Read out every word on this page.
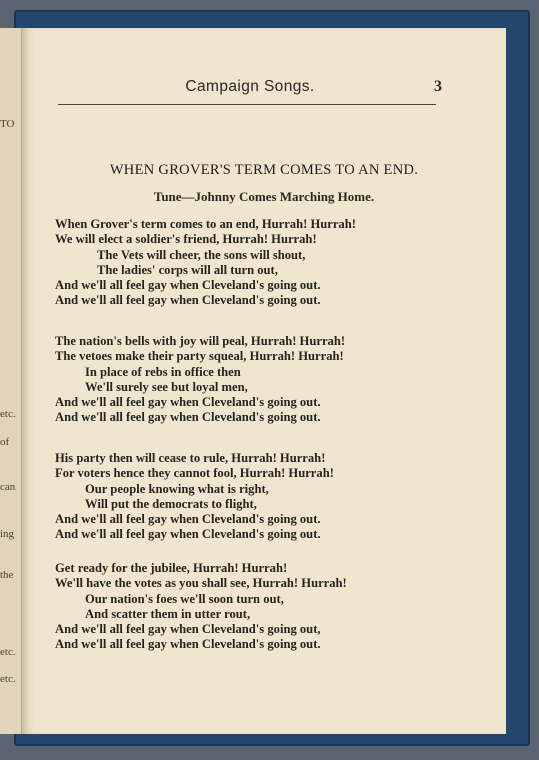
TO
etc.
of
can
ing
the
etc.
etc.
Campaign Songs.	3
WHEN GROVER'S TERM COMES TO AN END.
Tune—Johnny Comes Marching Home.
When Grover's term comes to an end, Hurrah! Hurrah!
We will elect a soldier's friend, Hurrah! Hurrah!
The Vets will cheer, the sons will shout,
The ladies' corps will all turn out,
And we'll all feel gay when Cleveland's going out.
And we'll all feel gay when Cleveland's going out.
The nation's bells with joy will peal, Hurrah! Hurrah!
The vetoes make their party squeal, Hurrah! Hurrah!
In place of rebs in office then
We'll surely see but loyal men,
And we'll all feel gay when Cleveland's going out.
And we'll all feel gay when Cleveland's going out.
His party then will cease to rule, Hurrah! Hurrah!
For voters hence they cannot fool, Hurrah! Hurrah!
Our people knowing what is right,
Will put the democrats to flight,
And we'll all feel gay when Cleveland's going out.
And we'll all feel gay when Cleveland's going out.
Get ready for the jubilee, Hurrah! Hurrah!
We'll have the votes as you shall see, Hurrah! Hurrah!
Our nation's foes we'll soon turn out,
And scatter them in utter rout,
And we'll all feel gay when Cleveland's going out,
And we'll all feel gay when Cleveland's going out.
